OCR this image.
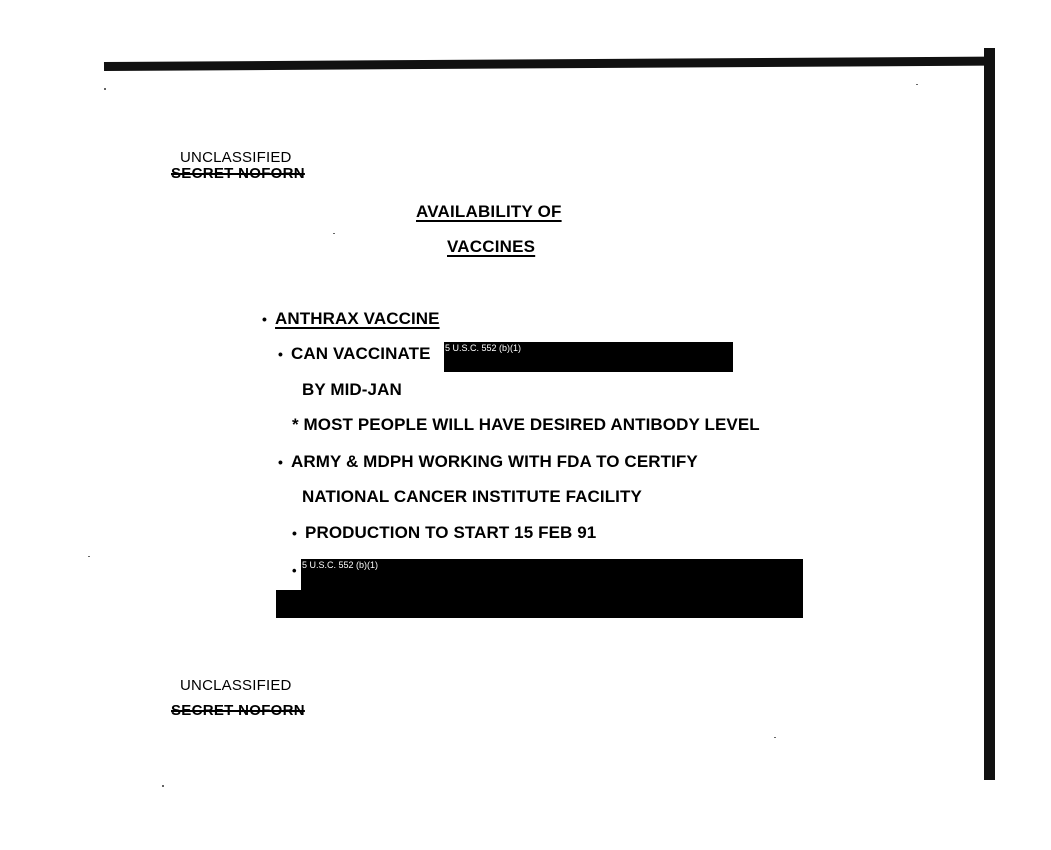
UNCLASSIFIED
SECRET NOFORN
AVAILABILITY OF
VACCINES
• ANTHRAX VACCINE
• CAN VACCINATE 5 U.S.C. 552 (b)(1)
BY MID-JAN
* MOST PEOPLE WILL HAVE DESIRED ANTIBODY LEVEL
• ARMY & MDPH WORKING WITH FDA TO CERTIFY
NATIONAL CANCER INSTITUTE FACILITY
• PRODUCTION TO START 15 FEB 91
• 5 U.S.C. 552 (b)(1)
UNCLASSIFIED
SECRET NOFORN
